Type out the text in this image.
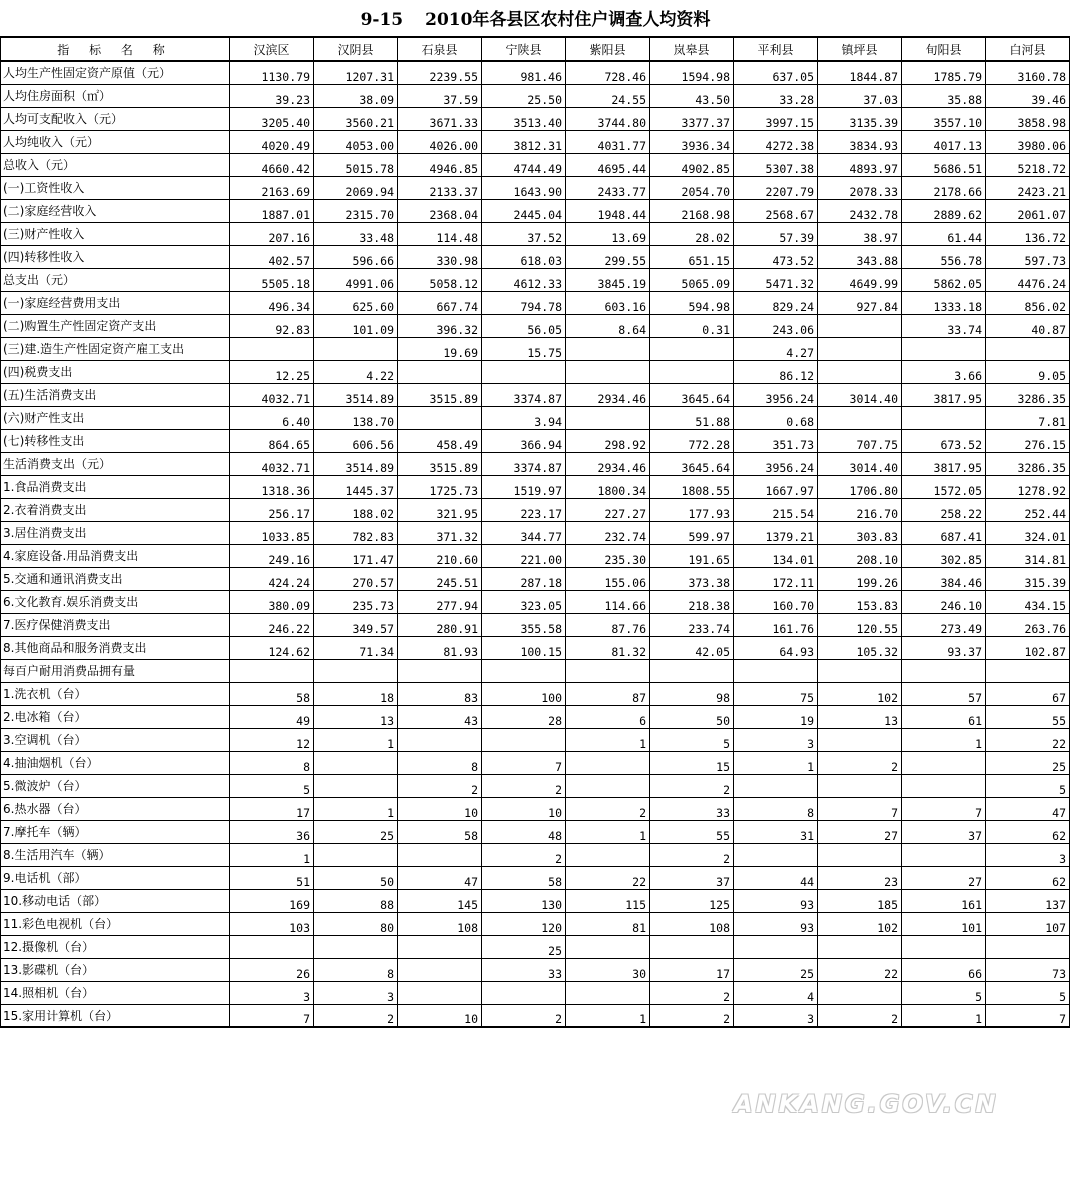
9-15 2010年各县区农村住户调查人均资料
指 标 名 称	汉滨区	汉阴县	石泉县	宁陕县	紫阳县	岚皋县	平利县	镇坪县	旬阳县	白河县
人均生产性固定资产原值（元）	1130.79	1207.31	2239.55	981.46	728.46	1594.98	637.05	1844.87	1785.79	3160.78
人均住房面积（㎡）	39.23	38.09	37.59	25.50	24.55	43.50	33.28	37.03	35.88	39.46
人均可支配收入（元）	3205.40	3560.21	3671.33	3513.40	3744.80	3377.37	3997.15	3135.39	3557.10	3858.98
人均纯收入（元）	4020.49	4053.00	4026.00	3812.31	4031.77	3936.34	4272.38	3834.93	4017.13	3980.06
总收入（元）	4660.42	5015.78	4946.85	4744.49	4695.44	4902.85	5307.38	4893.97	5686.51	5218.72
(一)工资性收入	2163.69	2069.94	2133.37	1643.90	2433.77	2054.70	2207.79	2078.33	2178.66	2423.21
(二)家庭经营收入	1887.01	2315.70	2368.04	2445.04	1948.44	2168.98	2568.67	2432.78	2889.62	2061.07
(三)财产性收入	207.16	33.48	114.48	37.52	13.69	28.02	57.39	38.97	61.44	136.72
(四)转移性收入	402.57	596.66	330.98	618.03	299.55	651.15	473.52	343.88	556.78	597.73
总支出（元）	5505.18	4991.06	5058.12	4612.33	3845.19	5065.09	5471.32	4649.99	5862.05	4476.24
(一)家庭经营费用支出	496.34	625.60	667.74	794.78	603.16	594.98	829.24	927.84	1333.18	856.02
(二)购置生产性固定资产支出	92.83	101.09	396.32	56.05	8.64	0.31	243.06		33.74	40.87
(三)建.造生产性固定资产雇工支出			19.69	15.75			4.27			
(四)税费支出	12.25	4.22					86.12		3.66	9.05
(五)生活消费支出	4032.71	3514.89	3515.89	3374.87	2934.46	3645.64	3956.24	3014.40	3817.95	3286.35
(六)财产性支出	6.40	138.70		3.94		51.88	0.68			7.81
(七)转移性支出	864.65	606.56	458.49	366.94	298.92	772.28	351.73	707.75	673.52	276.15
生活消费支出（元）	4032.71	3514.89	3515.89	3374.87	2934.46	3645.64	3956.24	3014.40	3817.95	3286.35
1.食品消费支出	1318.36	1445.37	1725.73	1519.97	1800.34	1808.55	1667.97	1706.80	1572.05	1278.92
2.衣着消费支出	256.17	188.02	321.95	223.17	227.27	177.93	215.54	216.70	258.22	252.44
3.居住消费支出	1033.85	782.83	371.32	344.77	232.74	599.97	1379.21	303.83	687.41	324.01
4.家庭设备.用品消费支出	249.16	171.47	210.60	221.00	235.30	191.65	134.01	208.10	302.85	314.81
5.交通和通讯消费支出	424.24	270.57	245.51	287.18	155.06	373.38	172.11	199.26	384.46	315.39
6.文化教育.娱乐消费支出	380.09	235.73	277.94	323.05	114.66	218.38	160.70	153.83	246.10	434.15
7.医疗保健消费支出	246.22	349.57	280.91	355.58	87.76	233.74	161.76	120.55	273.49	263.76
8.其他商品和服务消费支出	124.62	71.34	81.93	100.15	81.32	42.05	64.93	105.32	93.37	102.87
每百户耐用消费品拥有量										
1.洗衣机（台）	58	18	83	100	87	98	75	102	57	67
2.电冰箱（台）	49	13	43	28	6	50	19	13	61	55
3.空调机（台）	12	1			1	5	3		1	22
4.抽油烟机（台）	8		8	7		15	1	2		25
5.微波炉（台）	5		2	2		2				5
6.热水器（台）	17	1	10	10	2	33	8	7	7	47
7.摩托车（辆）	36	25	58	48	1	55	31	27	37	62
8.生活用汽车（辆）	1			2		2				3
9.电话机（部）	51	50	47	58	22	37	44	23	27	62
10.移动电话（部）	169	88	145	130	115	125	93	185	161	137
11.彩色电视机（台）	103	80	108	120	81	108	93	102	101	107
12.摄像机（台）				25						
13.影碟机（台）	26	8		33	30	17	25	22	66	73
14.照相机（台）	3	3				2	4		5	5
15.家用计算机（台）	7	2	10	2	1	2	3	2	1	7
ANKANG.GOV.CN
